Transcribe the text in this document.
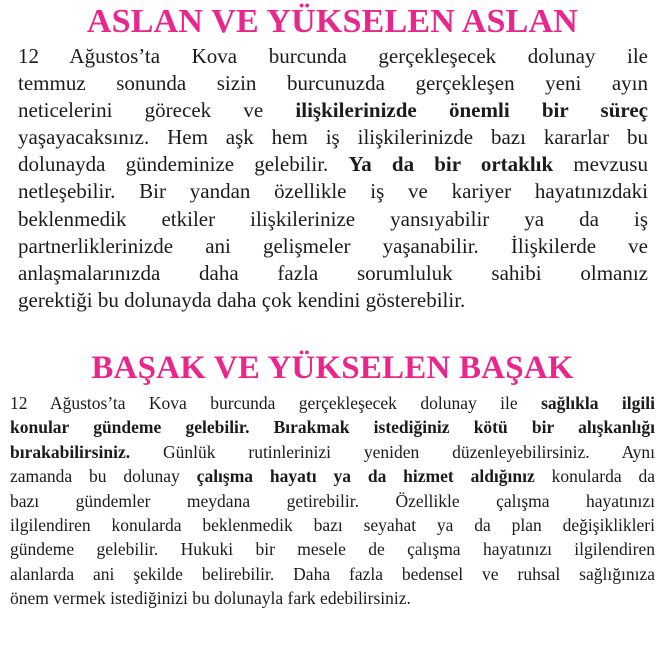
ASLAN VE YÜKSELEN ASLAN
12 Ağustos’ta Kova burcunda gerçekleşecek dolunay ile
temmuz sonunda sizin burcunuzda gerçekleşen yeni ayın
neticelerini görecek ve ilişkilerinizde önemli bir süreç
yaşayacaksınız. Hem aşk hem iş ilişkilerinizde bazı kararlar bu
dolunayda gündeminize gelebilir. Ya da bir ortaklık mevzusu
netleşebilir. Bir yandan özellikle iş ve kariyer hayatınızdaki
beklenmedik etkiler ilişkilerinize yansıyabilir ya da iş
partnerliklerinizde ani gelişmeler yaşanabilir. İlişkilerde ve
anlaşmalarınızda daha fazla sorumluluk sahibi olmanız
gerektiği bu dolunayda daha çok kendini gösterebilir.
BAŞAK VE YÜKSELEN BAŞAK
12 Ağustos’ta Kova burcunda gerçekleşecek dolunay ile sağlıkla ilgili
konular gündeme gelebilir. Bırakmak istediğiniz kötü bir alışkanlığı
bırakabilirsiniz. Günlük rutinlerinizi yeniden düzenleyebilirsiniz. Aynı
zamanda bu dolunay çalışma hayatı ya da hizmet aldığınız konularda da
bazı gündemler meydana getirebilir. Özellikle çalışma hayatınızı
ilgilendiren konularda beklenmedik bazı seyahat ya da plan değişiklikleri
gündeme gelebilir. Hukuki bir mesele de çalışma hayatınızı ilgilendiren
alanlarda ani şekilde belirebilir. Daha fazla bedensel ve ruhsal sağlığınıza
önem vermek istediğinizi bu dolunayla fark edebilirsiniz.
